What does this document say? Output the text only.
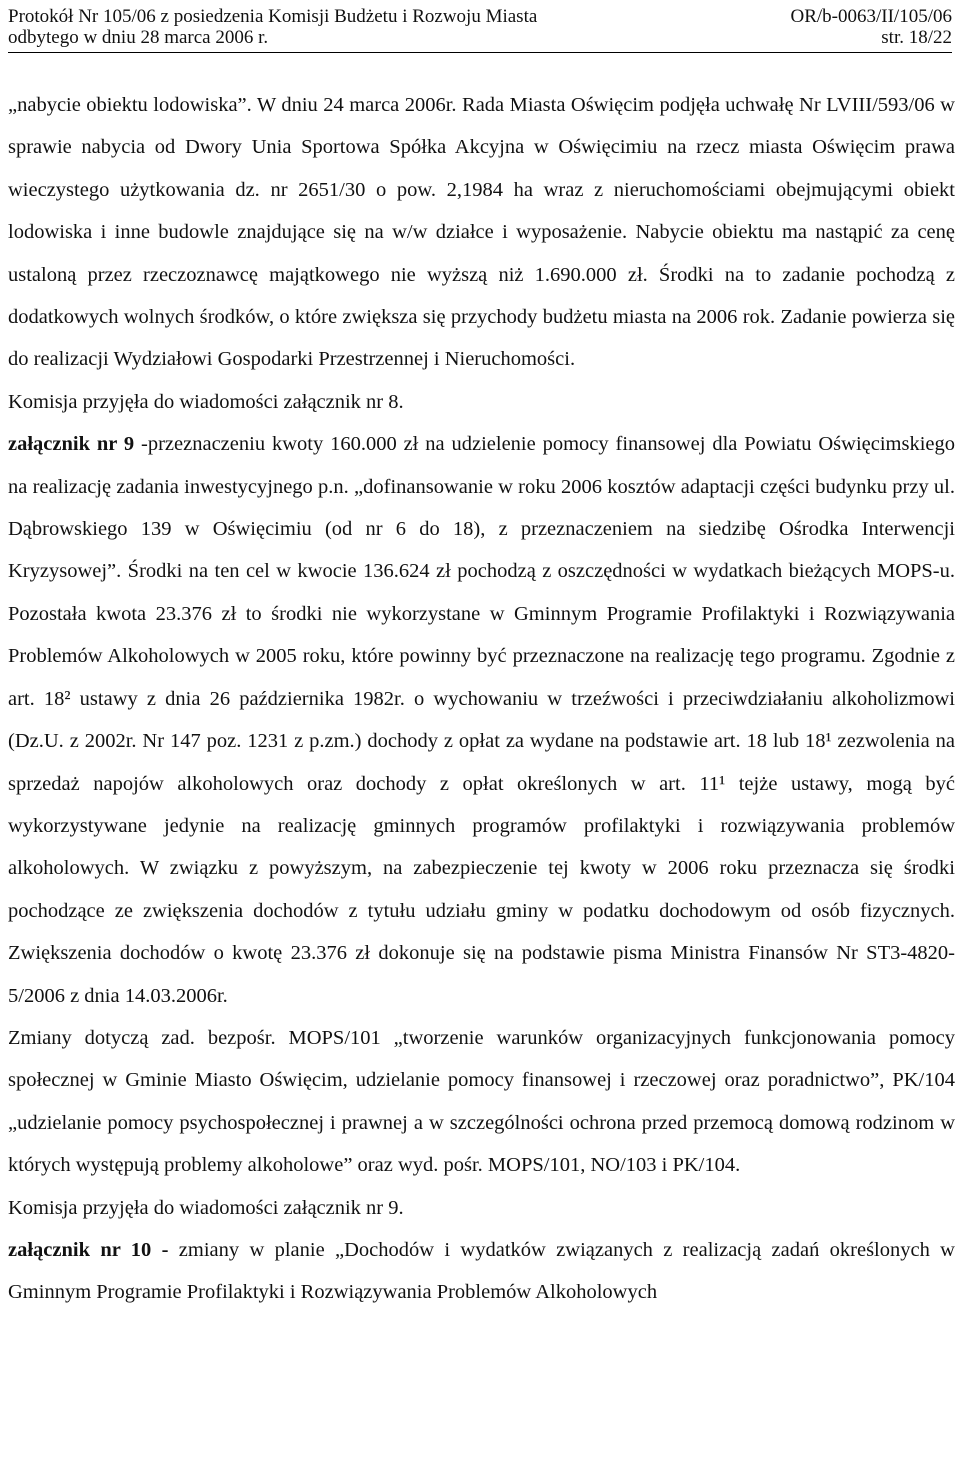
Protokół Nr 105/06 z posiedzenia Komisji Budżetu i Rozwoju Miasta	OR/b-0063/II/105/06
odbytego w dniu 28 marca 2006 r.	str. 18/22

„nabycie obiektu lodowiska”. W dniu 24 marca 2006r. Rada Miasta Oświęcim podjęła uchwałę Nr LVIII/593/06 w sprawie nabycia od Dwory Unia Sportowa Spółka Akcyjna w Oświęcimiu na rzecz miasta Oświęcim prawa wieczystego użytkowania dz. nr 2651/30 o pow. 2,1984 ha wraz z nieruchomościami obejmującymi obiekt lodowiska i inne budowle znajdujące się na w/w działce i wyposażenie. Nabycie obiektu ma nastąpić za cenę ustaloną przez rzeczoznawcę majątkowego nie wyższą niż 1.690.000 zł. Środki na to zadanie pochodzą z dodatkowych wolnych środków, o które zwiększa się przychody budżetu miasta na 2006 rok. Zadanie powierza się do realizacji Wydziałowi Gospodarki Przestrzennej i Nieruchomości.

Komisja przyjęła do wiadomości załącznik nr 8.

załącznik nr 9 -przeznaczeniu kwoty 160.000 zł na udzielenie pomocy finansowej dla Powiatu Oświęcimskiego na realizację zadania inwestycyjnego p.n. „dofinansowanie w roku 2006 kosztów adaptacji części budynku przy ul. Dąbrowskiego 139 w Oświęcimiu (od nr 6 do 18), z przeznaczeniem na siedzibę Ośrodka Interwencji Kryzysowej”. Środki na ten cel w kwocie 136.624 zł pochodzą z oszczędności w wydatkach bieżących MOPS-u. Pozostała kwota 23.376 zł to środki nie wykorzystane w Gminnym Programie Profilaktyki i Rozwiązywania Problemów Alkoholowych w 2005 roku, które powinny być przeznaczone na realizację tego programu. Zgodnie z art. 18² ustawy z dnia 26 października 1982r. o wychowaniu w trzeźwości i przeciwdziałaniu alkoholizmowi (Dz.U. z 2002r. Nr 147 poz. 1231 z p.zm.) dochody z opłat za wydane na podstawie art. 18 lub 18¹ zezwolenia na sprzedaż napojów alkoholowych oraz dochody z opłat określonych w art. 11¹ tejże ustawy, mogą być wykorzystywane jedynie na realizację gminnych programów profilaktyki i rozwiązywania problemów alkoholowych. W związku z powyższym, na zabezpieczenie tej kwoty w 2006 roku przeznacza się środki pochodzące ze zwiększenia dochodów z tytułu udziału gminy w podatku dochodowym od osób fizycznych. Zwiększenia dochodów o kwotę 23.376 zł dokonuje się na podstawie pisma Ministra Finansów Nr ST3-4820-5/2006 z dnia 14.03.2006r.

Zmiany dotyczą zad. bezpośr. MOPS/101 „tworzenie warunków organizacyjnych funkcjonowania pomocy społecznej w Gminie Miasto Oświęcim, udzielanie pomocy finansowej i rzeczowej oraz poradnictwo”, PK/104 „udzielanie pomocy psychospołecznej i prawnej a w szczególności ochrona przed przemocą domową rodzinom w których występują problemy alkoholowe” oraz wyd. pośr. MOPS/101, NO/103 i PK/104.

Komisja przyjęła do wiadomości załącznik nr 9.

załącznik nr 10 - zmiany w planie „Dochodów i wydatków związanych z realizacją zadań określonych w Gminnym Programie Profilaktyki i Rozwiązywania Problemów Alkoholowych
